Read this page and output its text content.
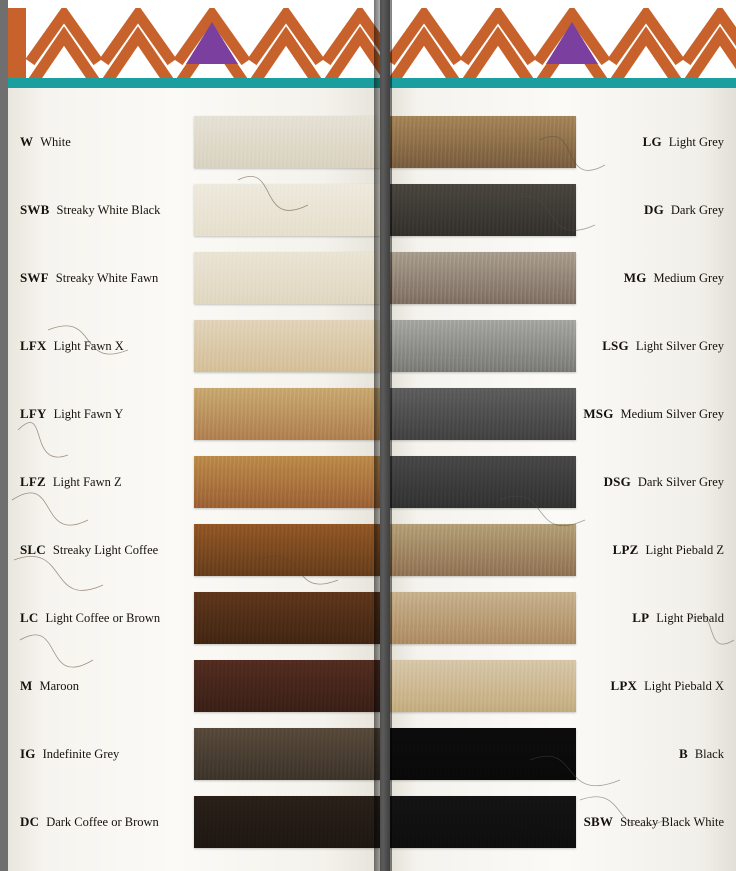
W White
SWB Streaky White Black
SWF Streaky White Fawn
LFX Light Fawn X
LFY Light Fawn Y
LFZ Light Fawn Z
SLC Streaky Light Coffee
LC Light Coffee or Brown
M Maroon
IG Indefinite Grey
DC Dark Coffee or Brown
LG Light Grey
DG Dark Grey
MG Medium Grey
LSG Light Silver Grey
MSG Medium Silver Grey
DSG Dark Silver Grey
LPZ Light Piebald Z
LP Light Piebald
LPX Light Piebald X
B Black
SBW Streaky Black White
